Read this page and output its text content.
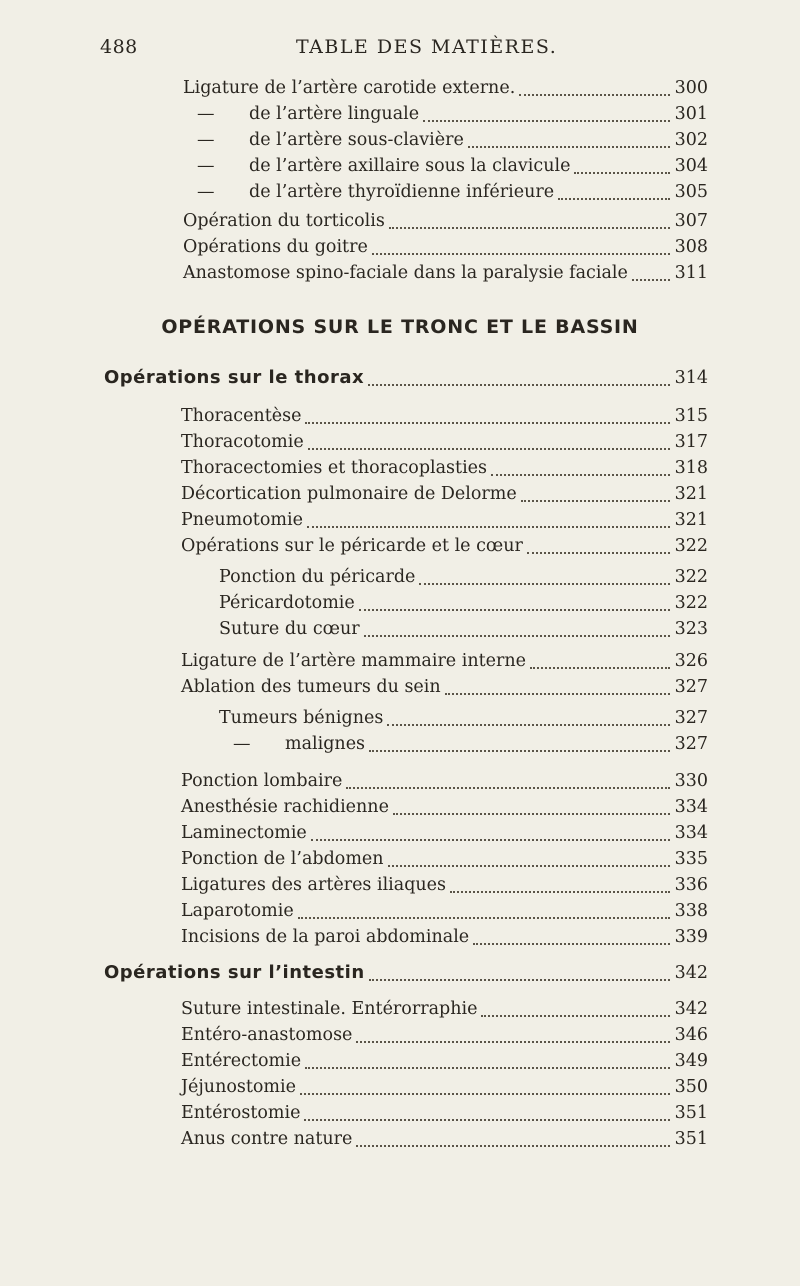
488	TABLE DES MATIÈRES.
OPÉRATIONS SUR LE TRONC ET LE BASSIN
Ligature de l’artère carotide externe.	300
— de l’artère linguale	301
— de l’artère sous-clavière	302
— de l’artère axillaire sous la clavicule	304
— de l’artère thyroïdienne inférieure	305
Opération du torticolis	307
Opérations du goitre	308
Anastomose spino-faciale dans la paralysie faciale	311
Opérations sur le thorax	314
Thoracentèse	315
Thoracotomie	317
Thoracectomies et thoracoplasties	318
Décortication pulmonaire de Delorme	321
Pneumotomie	321
Opérations sur le péricarde et le cœur	322
Ponction du péricarde	322
Péricardotomie	322
Suture du cœur	323
Ligature de l’artère mammaire interne	326
Ablation des tumeurs du sein	327
Tumeurs bénignes	327
— malignes	327
Ponction lombaire	330
Anesthésie rachidienne	334
Laminectomie	334
Ponction de l’abdomen	335
Ligatures des artères iliaques	336
Laparotomie	338
Incisions de la paroi abdominale	339
Opérations sur l’intestin	342
Suture intestinale. Entérorraphie	342
Entéro-anastomose	346
Entérectomie	349
Jéjunostomie	350
Entérostomie	351
Anus contre nature	351
